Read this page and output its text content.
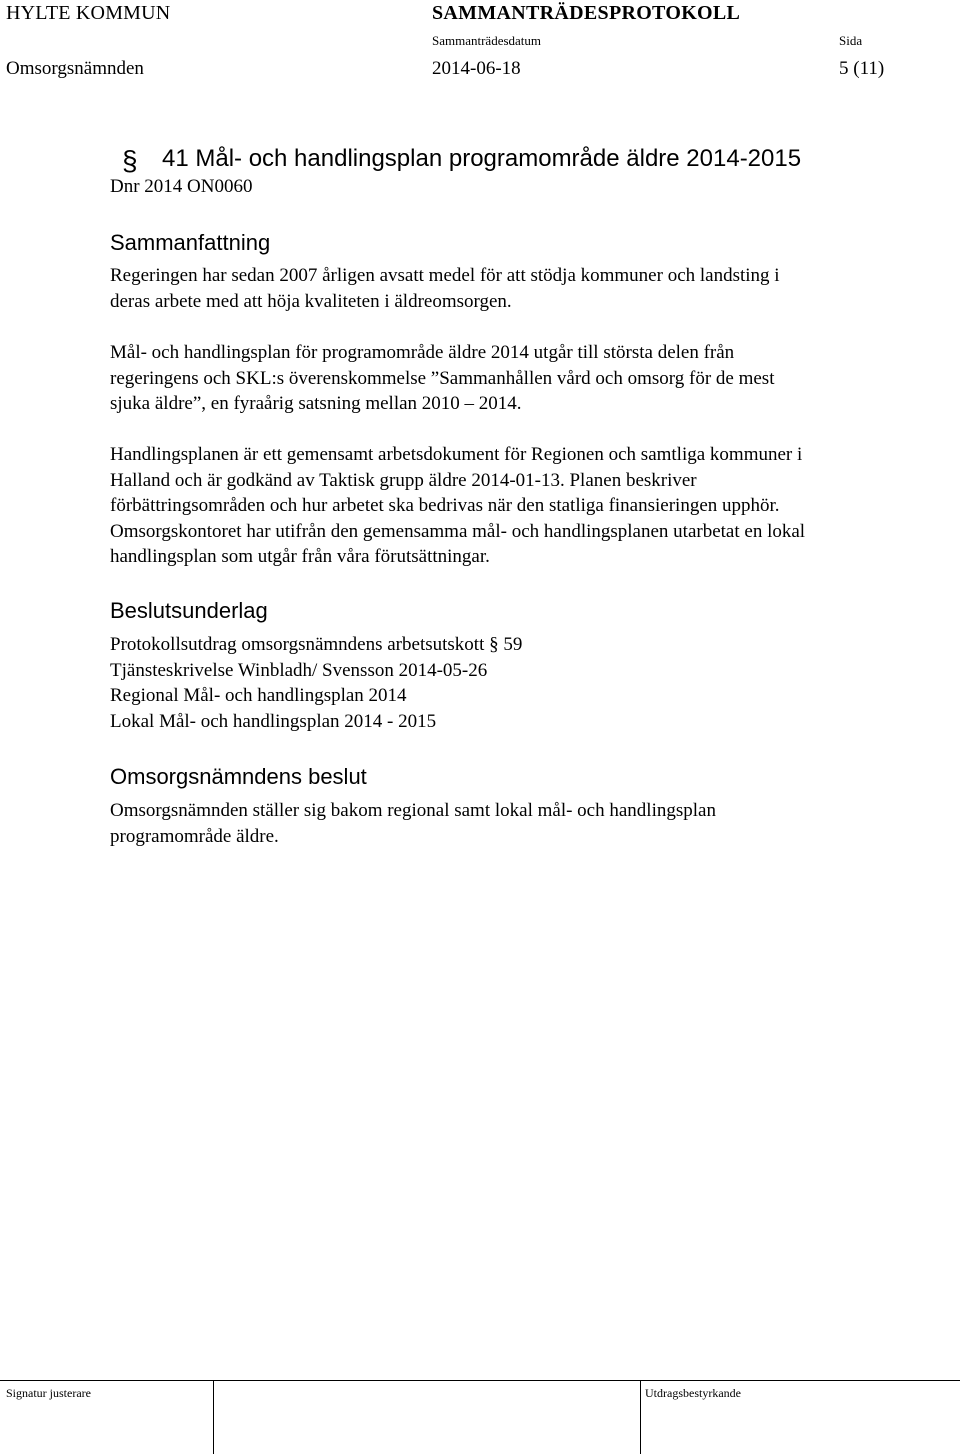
HYLTE KOMMUN	SAMMANTRÄDESPROTOKOLL
Sammanträdesdatum	Sida
Omsorgsnämnden	2014-06-18	5 (11)
§ 41 Mål- och handlingsplan programområde äldre 2014-2015
Dnr 2014 ON0060
Sammanfattning
Regeringen har sedan 2007 årligen avsatt medel för att stödja kommuner och landsting i
deras arbete med att höja kvaliteten i äldreomsorgen.
Mål- och handlingsplan för programområde äldre 2014 utgår till största delen från
regeringens och SKL:s överenskommelse ”Sammanhållen vård och omsorg för de mest
sjuka äldre”, en fyraårig satsning mellan 2010 – 2014.
Handlingsplanen är ett gemensamt arbetsdokument för Regionen och samtliga kommuner i
Halland och är godkänd av Taktisk grupp äldre 2014-01-13. Planen beskriver
förbättringsområden och hur arbetet ska bedrivas när den statliga finansieringen upphör.
Omsorgskontoret har utifrån den gemensamma mål- och handlingsplanen utarbetat en lokal
handlingsplan som utgår från våra förutsättningar.
Beslutsunderlag
Protokollsutdrag omsorgsnämndens arbetsutskott § 59
Tjänsteskrivelse Winbladh/ Svensson 2014-05-26
Regional Mål- och handlingsplan 2014
Lokal Mål- och handlingsplan 2014 - 2015
Omsorgsnämndens beslut
Omsorgsnämnden ställer sig bakom regional samt lokal mål- och handlingsplan
programområde äldre.
Signatur justerare	Utdragsbestyrkande
